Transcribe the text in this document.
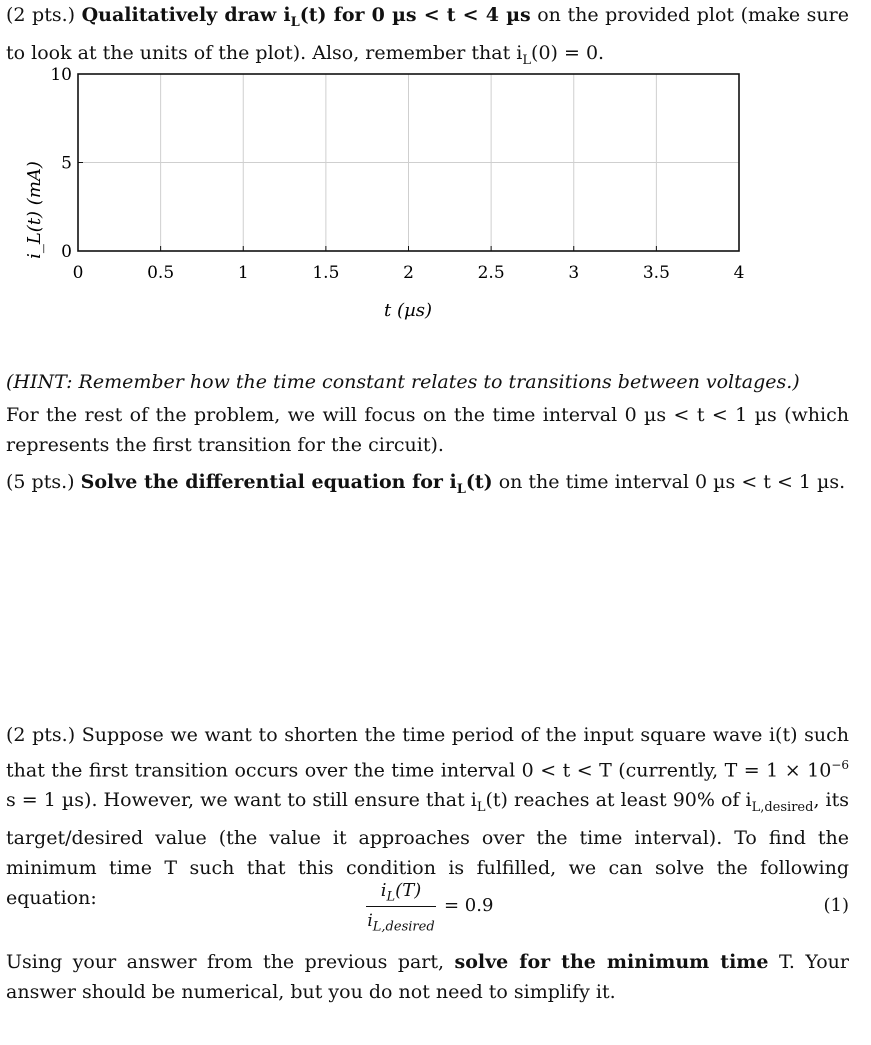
(2 pts.) Qualitatively draw $i_L(t)$ for 0 µs < t < 4 µs on the provided plot (make sure to look at the units of the plot). Also, remember that $i_L(0) = 0$.
0	0.5	1	1.5	2	2.5	3	3.5	4
0
5
10
t (µs)
i_L(t) (mA)
(HINT: Remember how the time constant relates to transitions between voltages.)
For the rest of the problem, we will focus on the time interval 0 µs < t < 1 µs (which represents the first transition for the circuit).
(5 pts.) Solve the differential equation for $i_L(t)$ on the time interval 0 µs < t < 1 µs.
(2 pts.) Suppose we want to shorten the time period of the input square wave i(t) such that the first transition occurs over the time interval 0 < t < T (currently, $T = 1 \times 10^{-6}$ s = 1 µs). However, we want to still ensure that $i_L(t)$ reaches at least 90% of $i_{L,desired}$, its target/desired value (the value it approaches over the time interval). To find the minimum time T such that this condition is fulfilled, we can solve the following equation:	$i_L(T)$
$i_{L,desired}$
= 0.9	(1)
Using your answer from the previous part, solve for the minimum time T. Your answer should be numerical, but you do not need to simplify it.
